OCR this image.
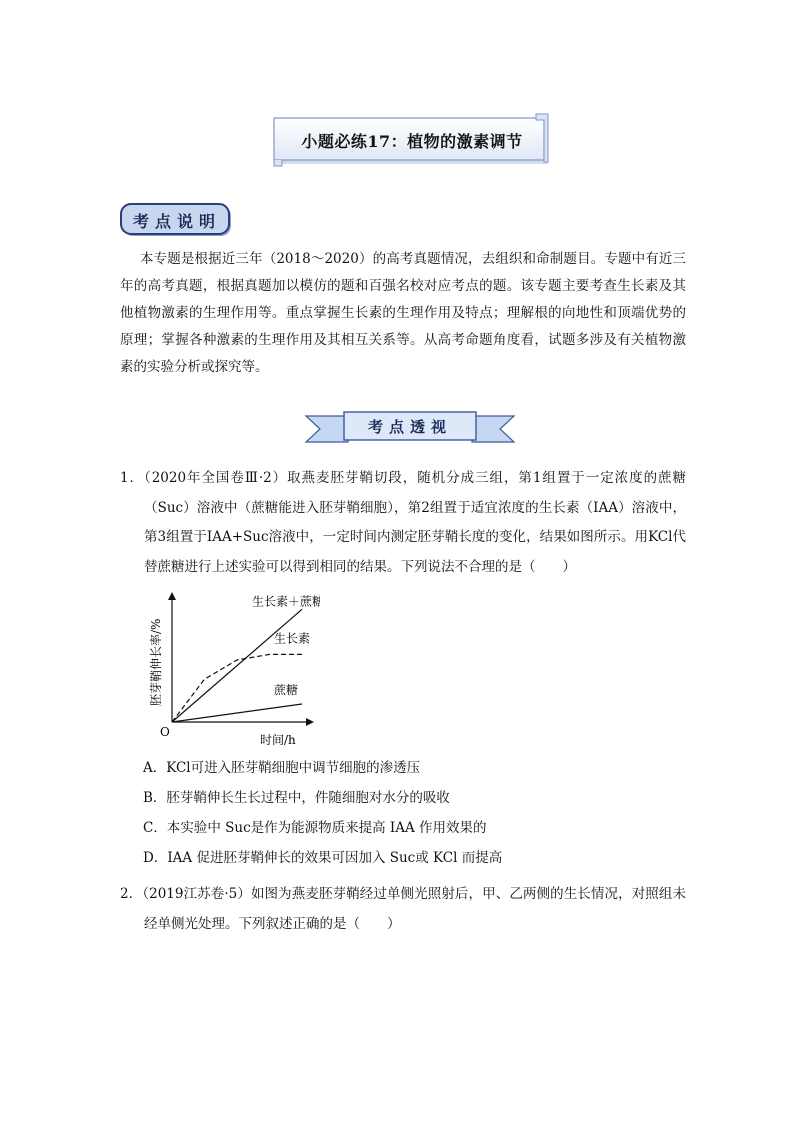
小题必练17：植物的激素调节
考点说明

本专题是根据近三年（2018～2020）的高考真题情况，去组织和命制题目。专题中有近三年的高考真题，根据真题加以模仿的题和百强名校对应考点的题。该专题主要考查生长素及其他植物激素的生理作用等。重点掌握生长素的生理作用及特点；理解根的向地性和顶端优势的原理；掌握各种激素的生理作用及其相互关系等。从高考命题角度看，试题多涉及有关植物激素的实验分析或探究等。

考点透视

1．（2020年全国卷Ⅲ·2）取燕麦胚芽鞘切段，随机分成三组，第1组置于一定浓度的蔗糖（Suc）溶液中（蔗糖能进入胚芽鞘细胞），第2组置于适宜浓度的生长素（IAA）溶液中，第3组置于IAA+Suc溶液中，一定时间内测定胚芽鞘长度的变化，结果如图所示。用KCl代替蔗糖进行上述实验可以得到相同的结果。下列说法不合理的是（　　）

O
时间/h
胚芽鞘伸长率/%
生长素＋蔗糖
生长素
蔗糖
A．KCl可进入胚芽鞘细胞中调节细胞的渗透压
B．胚芽鞘伸长生长过程中，件随细胞对水分的吸收
C．本实验中 Suc是作为能源物质来提高 IAA 作用效果的
D．IAA 促进胚芽鞘伸长的效果可因加入 Suc或 KCl 而提高

2．（2019江苏卷·5）如图为燕麦胚芽鞘经过单侧光照射后，甲、乙两侧的生长情况，对照组未经单侧光处理。下列叙述正确的是（　　）
